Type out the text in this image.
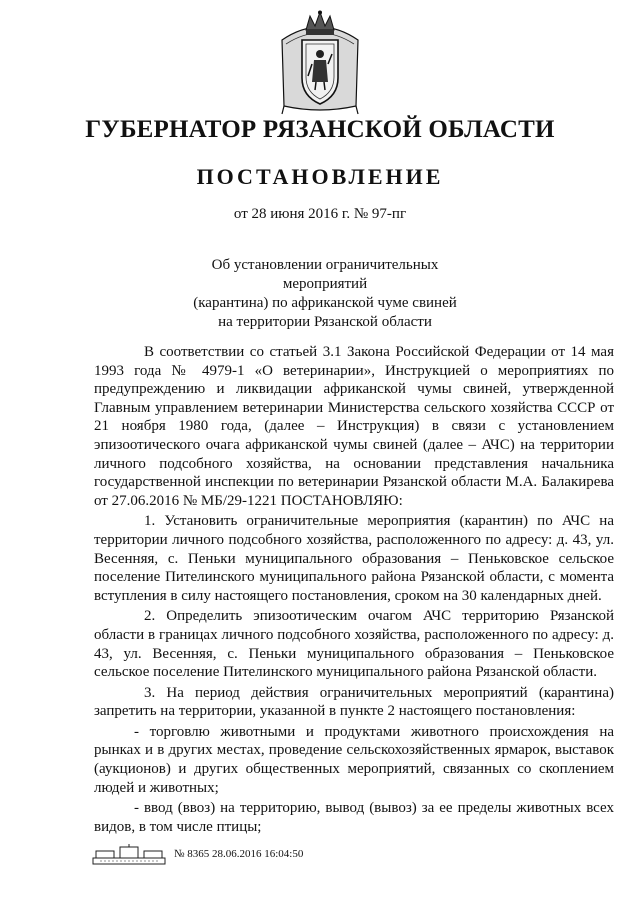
ГУБЕРНАТОР РЯЗАНСКОЙ ОБЛАСТИ
ПОСТАНОВЛЕНИЕ
от 28 июня 2016 г. № 97-пг
Об установлении ограничительных мероприятий
(карантина) по африканской чуме свиней
на территории Рязанской области

В соответствии со статьей 3.1 Закона Российской Федерации от 14 мая 1993 года № 4979-1 «О ветеринарии», Инструкцией о мероприятиях по предупреждению и ликвидации африканской чумы свиней, утвержденной Главным управлением ветеринарии Министерства сельского хозяйства СССР от 21 ноября 1980 года, (далее – Инструкция) в связи с установлением эпизоотического очага африканской чумы свиней (далее – АЧС) на территории личного подсобного хозяйства, на основании представления начальника государственной инспекции по ветеринарии Рязанской области М.А. Балакирева от 27.06.2016 № МБ/29-1221 ПОСТАНОВЛЯЮ:

1. Установить ограничительные мероприятия (карантин) по АЧС на территории личного подсобного хозяйства, расположенного по адресу: д. 43, ул. Весенняя, с. Пеньки муниципального образования – Пеньковское сельское поселение Пителинского муниципального района Рязанской области, с момента вступления в силу настоящего постановления, сроком на 30 календарных дней.

2. Определить эпизоотическим очагом АЧС территорию Рязанской области в границах личного подсобного хозяйства, расположенного по адресу: д. 43, ул. Весенняя, с. Пеньки муниципального образования – Пеньковское сельское поселение Пителинского муниципального района Рязанской области.

3. На период действия ограничительных мероприятий (карантина) запретить на территории, указанной в пункте 2 настоящего постановления:

- торговлю животными и продуктами животного происхождения на рынках и в других местах, проведение сельскохозяйственных ярмарок, выставок (аукционов) и других общественных мероприятий, связанных со скоплением людей и животных;

- ввод (ввоз) на территорию, вывод (вывоз) за ее пределы животных всех видов, в том числе птицы;

№ 8365 28.06.2016 16:04:50
